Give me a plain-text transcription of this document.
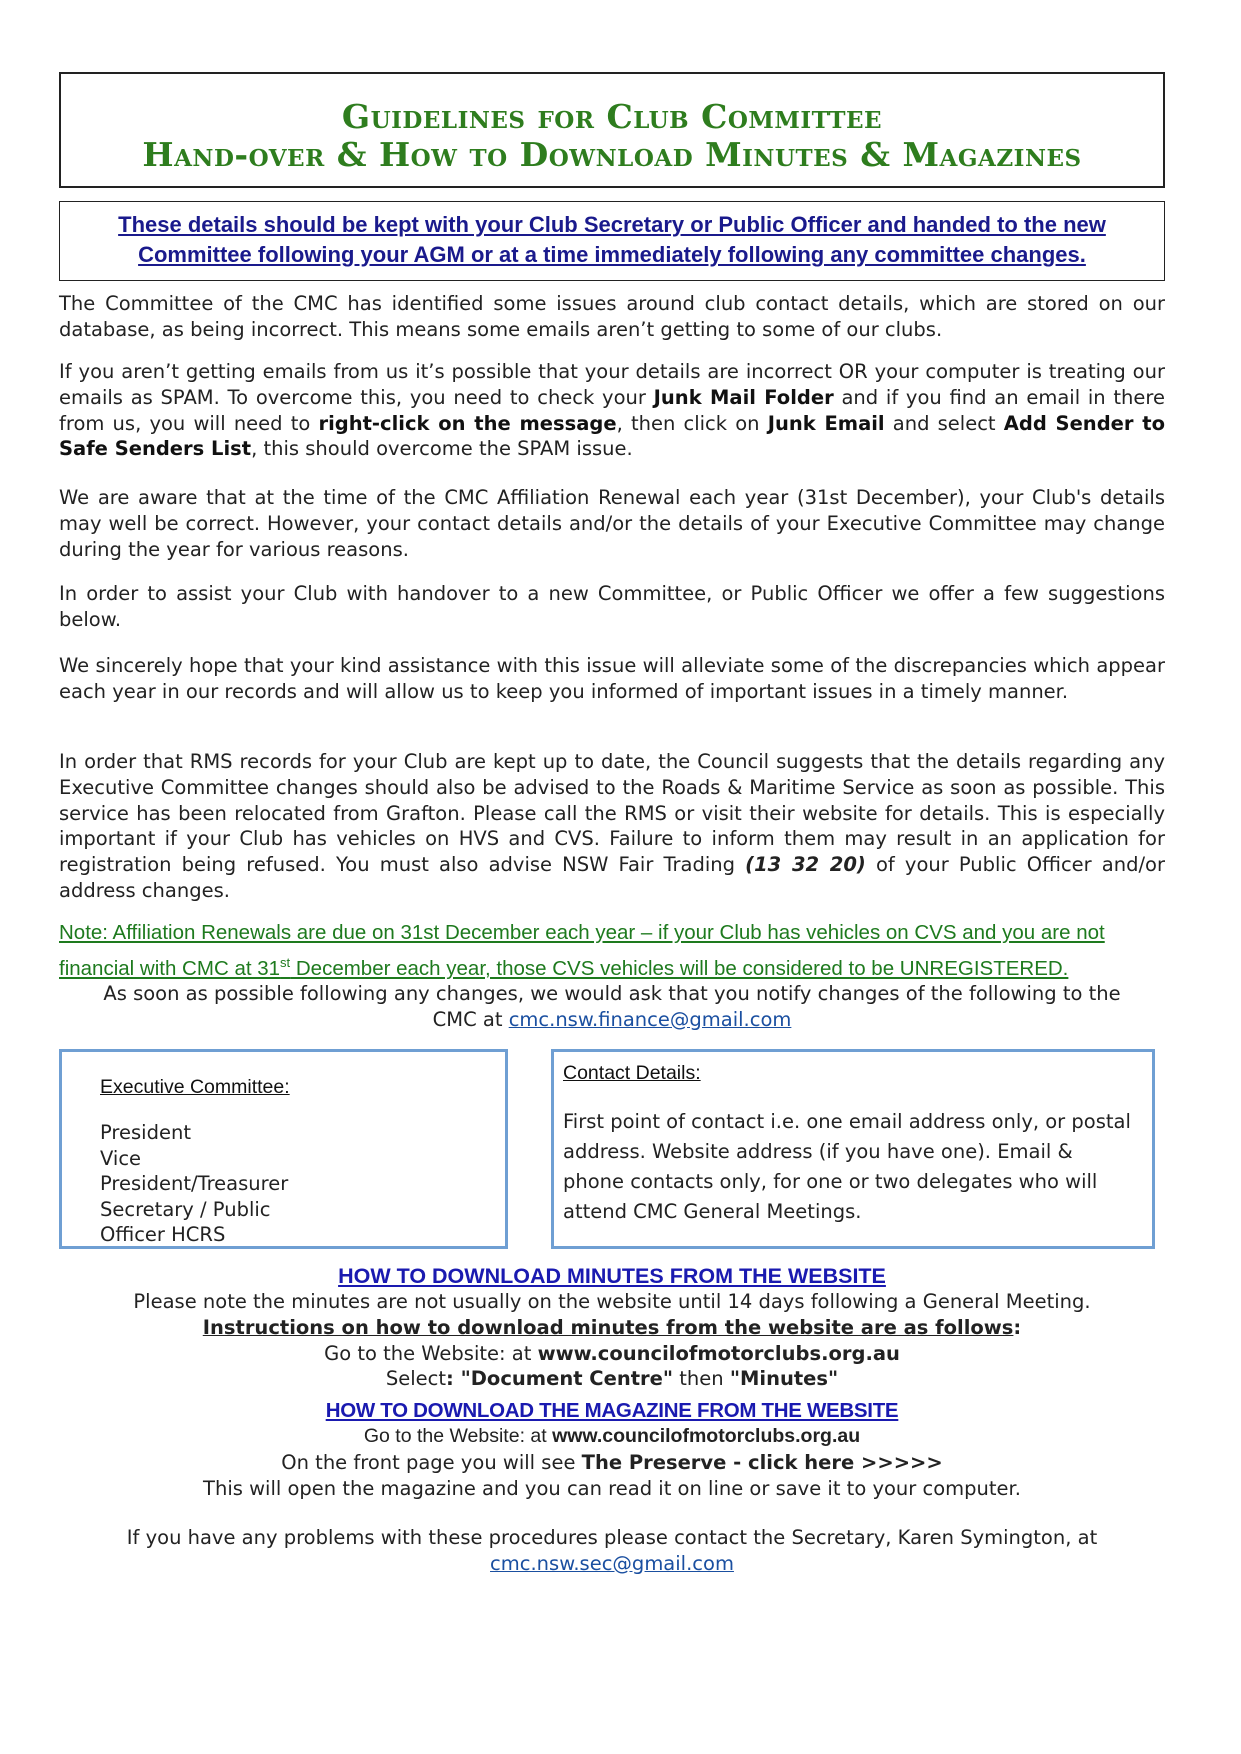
Guidelines for Club Committee
Hand-over & How to Download Minutes & Magazines
These details should be kept with your Club Secretary or Public Officer and handed to the new
Committee following your AGM or at a time immediately following any committee changes.
The Committee of the CMC has identified some issues around club contact details, which are stored on our database, as being incorrect. This means some emails aren’t getting to some of our clubs.
If you aren’t getting emails from us it’s possible that your details are incorrect OR your computer is treating our emails as SPAM. To overcome this, you need to check your Junk Mail Folder and if you find an email in there from us, you will need to right-click on the message, then click on Junk Email and select Add Sender to Safe Senders List, this should overcome the SPAM issue.
We are aware that at the time of the CMC Affiliation Renewal each year (31st December), your Club's details may well be correct. However, your contact details and/or the details of your Executive Committee may change during the year for various reasons.
In order to assist your Club with handover to a new Committee, or Public Officer we offer a few suggestions below.
We sincerely hope that your kind assistance with this issue will alleviate some of the discrepancies which appear each year in our records and will allow us to keep you informed of important issues in a timely manner.
In order that RMS records for your Club are kept up to date, the Council suggests that the details regarding any Executive Committee changes should also be advised to the Roads & Maritime Service as soon as possible. This service has been relocated from Grafton. Please call the RMS or visit their website for details. This is especially important if your Club has vehicles on HVS and CVS. Failure to inform them may result in an application for registration being refused. You must also advise NSW Fair Trading (13 32 20) of your Public Officer and/or address changes.
Note: Affiliation Renewals are due on 31st December each year – if your Club has vehicles on CVS and you are not financial with CMC at 31st December each year, those CVS vehicles will be considered to be UNREGISTERED.
As soon as possible following any changes, we would ask that you notify changes of the following to the
CMC at cmc.nsw.finance@gmail.com
Executive Committee:
President
Vice President/Treasurer
Secretary / Public Officer HCRS
Contact Details:
First point of contact i.e. one email address only, or postal address. Website address (if you have one). Email & phone contacts only, for one or two delegates who will attend CMC General Meetings.
HOW TO DOWNLOAD MINUTES FROM THE WEBSITE
Please note the minutes are not usually on the website until 14 days following a General Meeting.
Instructions on how to download minutes from the website are as follows:
Go to the Website: at www.councilofmotorclubs.org.au
Select: "Document Centre" then "Minutes"
HOW TO DOWNLOAD THE MAGAZINE FROM THE WEBSITE
Go to the Website: at www.councilofmotorclubs.org.au
On the front page you will see The Preserve - click here >>>>>
This will open the magazine and you can read it on line or save it to your computer.
If you have any problems with these procedures please contact the Secretary, Karen Symington, at
cmc.nsw.sec@gmail.com
